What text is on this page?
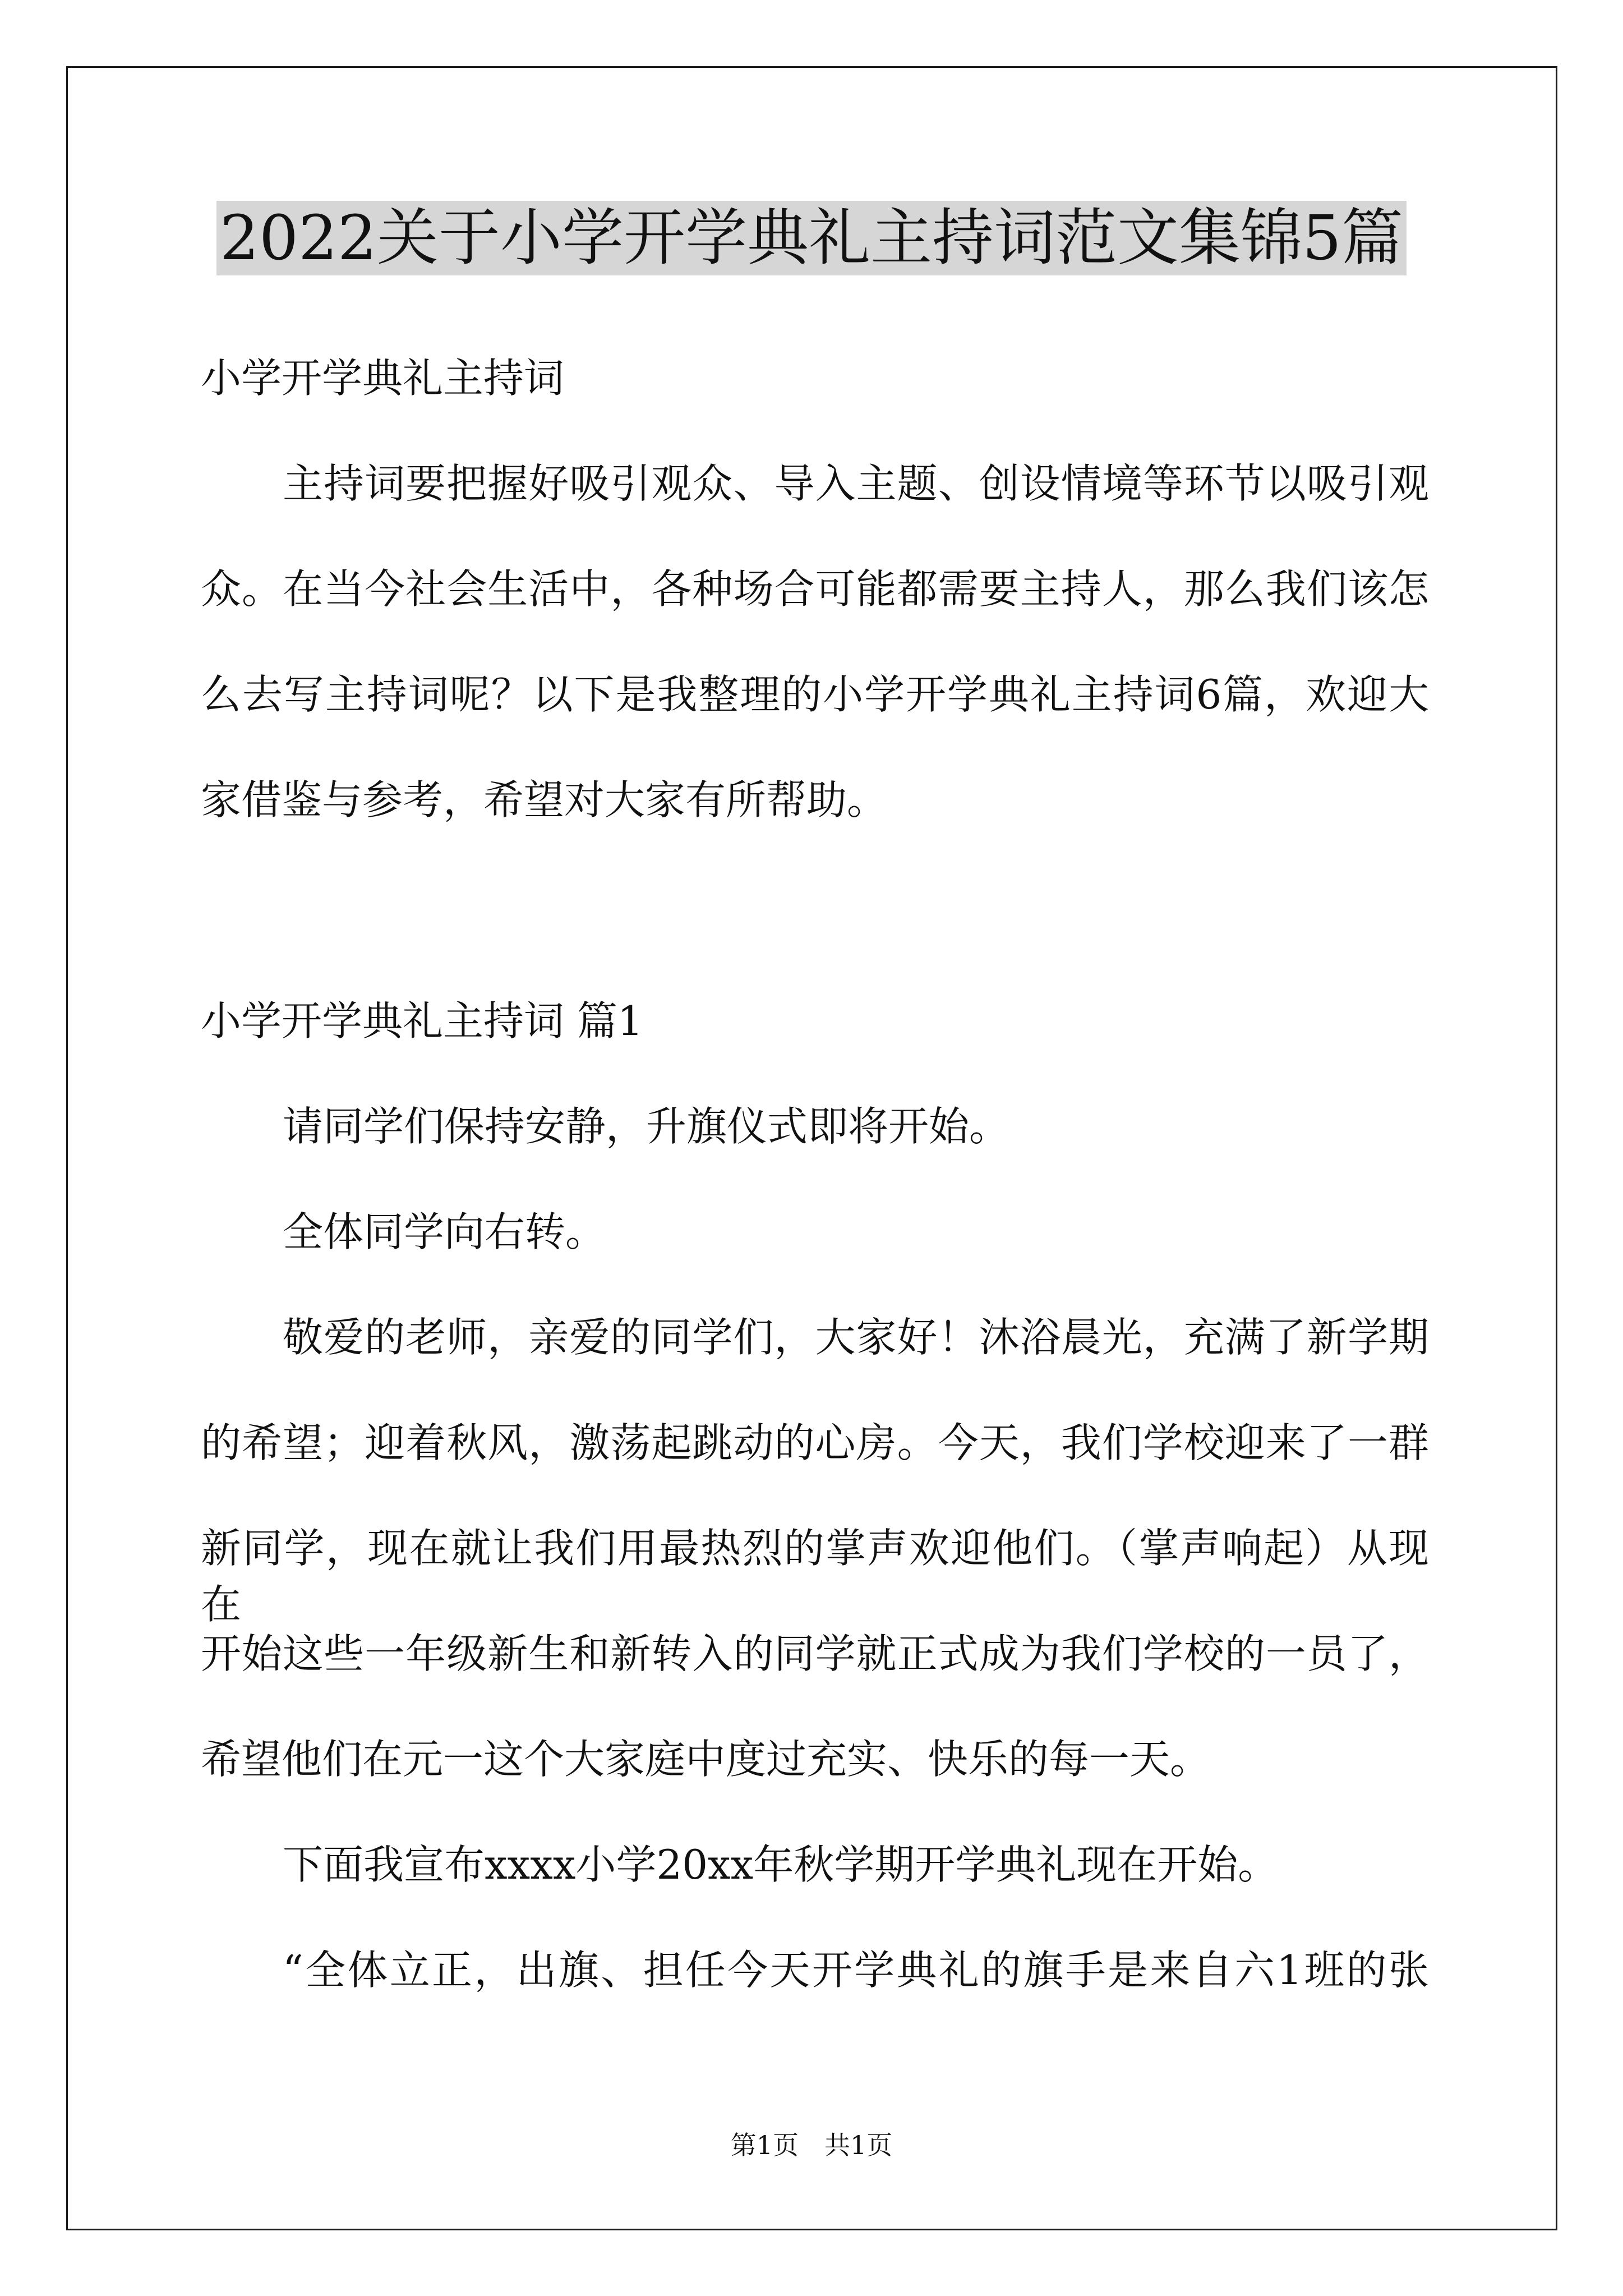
2022关于小学开学典礼主持词范文集锦5篇
小学开学典礼主持词
主持词要把握好吸引观众、导入主题、创设情境等环节以吸引观
众。在当今社会生活中，各种场合可能都需要主持人，那么我们该怎
么去写主持词呢？以下是我整理的小学开学典礼主持词6篇，欢迎大
家借鉴与参考，希望对大家有所帮助。
小学开学典礼主持词 篇1
请同学们保持安静，升旗仪式即将开始。
全体同学向右转。
敬爱的老师，亲爱的同学们，大家好！沐浴晨光，充满了新学期
的希望；迎着秋风，激荡起跳动的心房。今天，我们学校迎来了一群
新同学，现在就让我们用最热烈的掌声欢迎他们。（掌声响起）从现在
开始这些一年级新生和新转入的同学就正式成为我们学校的一员了，
希望他们在元一这个大家庭中度过充实、快乐的每一天。
下面我宣布xxxx小学20xx年秋学期开学典礼现在开始。
“全体立正，出旗、担任今天开学典礼的旗手是来自六1班的张
第1页 共1页
